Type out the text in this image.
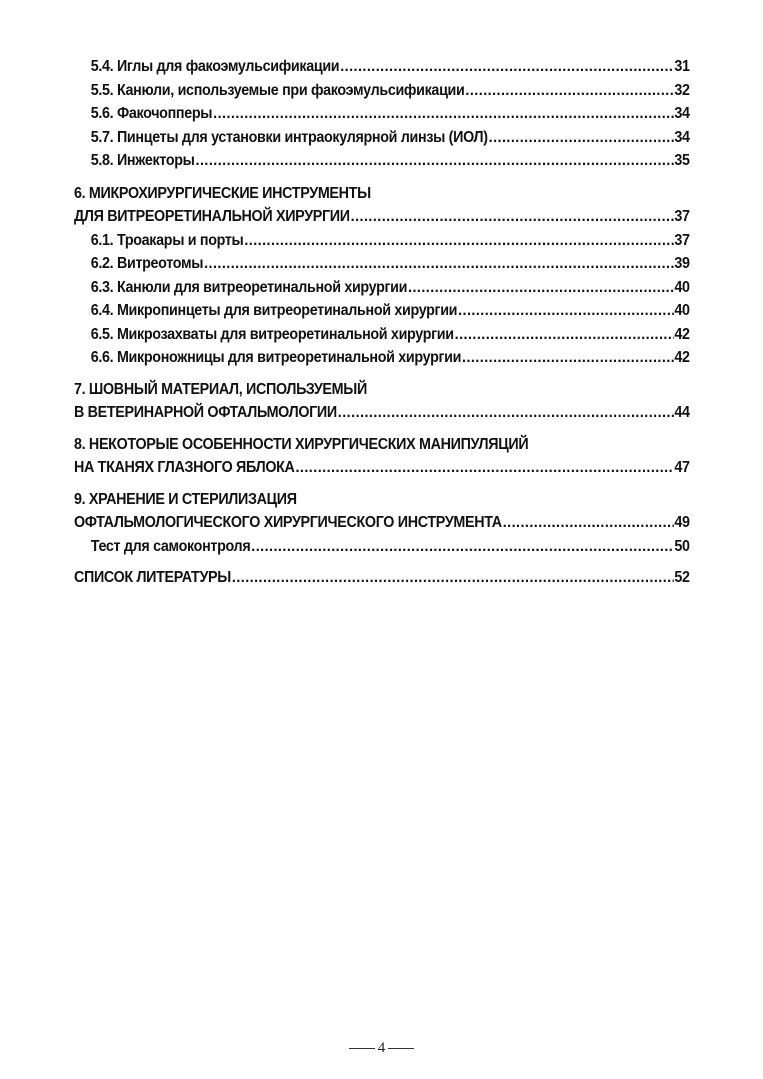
5.4. Иглы для факоэмульсификации .....	31
5.5. Канюли, используемые при факоэмульсификации .....	32
5.6. Факочопперы .....	34
5.7. Пинцеты для установки интраокулярной линзы (ИОЛ) .....	34
5.8. Инжекторы .....	35
6. МИКРОХИРУРГИЧЕСКИЕ ИНСТРУМЕНТЫ
ДЛЯ ВИТРЕОРЕТИНАЛЬНОЙ ХИРУРГИИ .....	37
6.1. Троакары и порты .....	37
6.2. Витреотомы .....	39
6.3. Канюли для витреоретинальной хирургии .....	40
6.4. Микропинцеты для витреоретинальной хирургии .....	40
6.5. Микрозахваты для витреоретинальной хирургии .....	42
6.6. Микроножницы для витреоретинальной хирургии .....	42
7. ШОВНЫЙ МАТЕРИАЛ, ИСПОЛЬЗУЕМЫЙ
В ВЕТЕРИНАРНОЙ ОФТАЛЬМОЛОГИИ .....	44
8. НЕКОТОРЫЕ ОСОБЕННОСТИ ХИРУРГИЧЕСКИХ МАНИПУЛЯЦИЙ
НА ТКАНЯХ ГЛАЗНОГО ЯБЛОКА .....	47
9. ХРАНЕНИЕ И СТЕРИЛИЗАЦИЯ
ОФТАЛЬМОЛОГИЧЕСКОГО ХИРУРГИЧЕСКОГО ИНСТРУМЕНТА .....	49
Тест для самоконтроля .....	50
СПИСОК ЛИТЕРАТУРЫ .....	52
4
